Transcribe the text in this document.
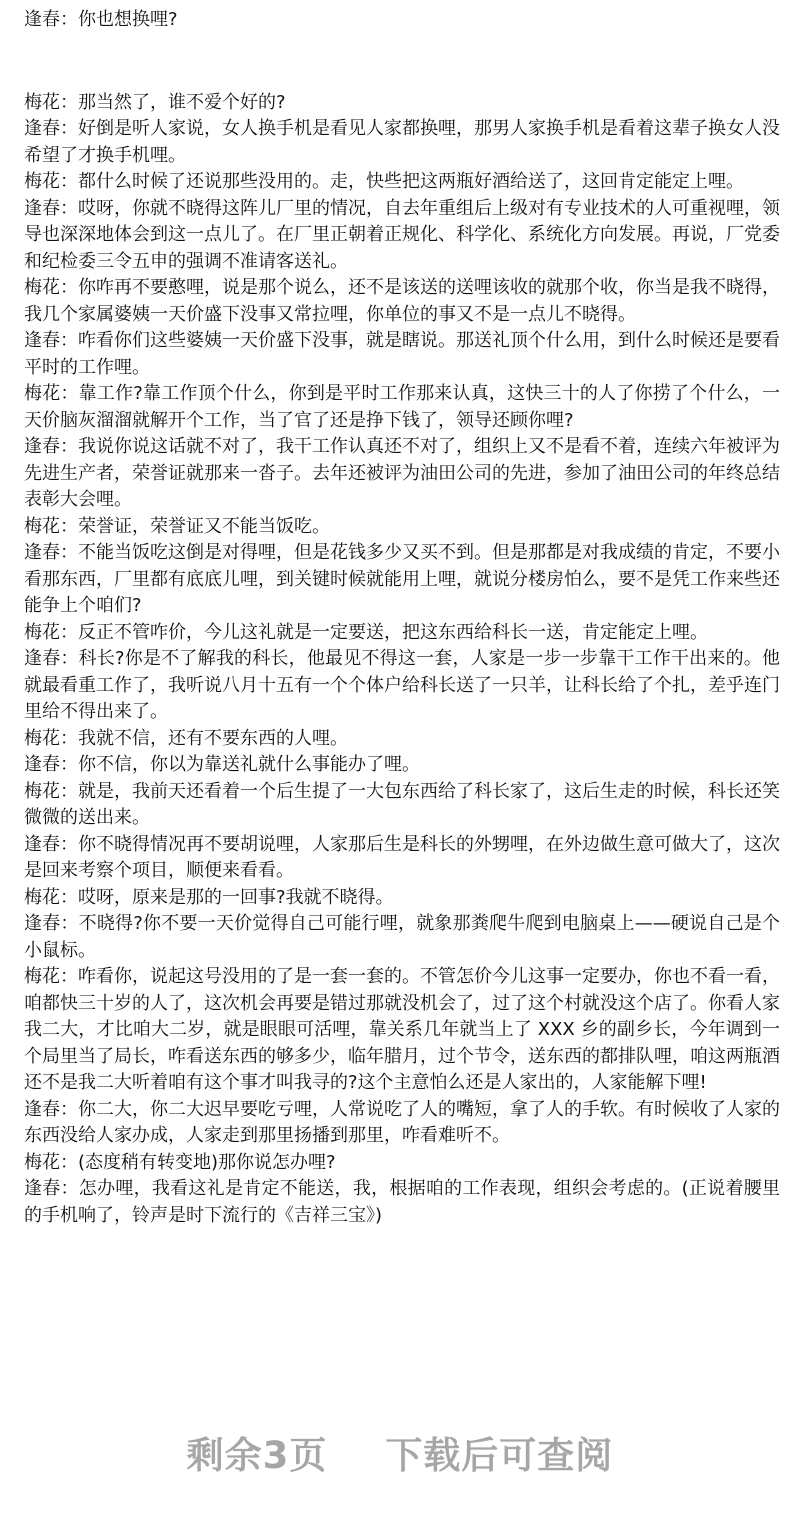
逢春：你也想换哩?

梅花：那当然了，谁不爱个好的?

逢春：好倒是听人家说，女人换手机是看见人家都换哩，那男人家换手机是看着这辈子换女人没希望了才换手机哩。

梅花：都什么时候了还说那些没用的。走，快些把这两瓶好酒给送了，这回肯定能定上哩。

逢春：哎呀，你就不晓得这阵儿厂里的情况，自去年重组后上级对有专业技术的人可重视哩，领导也深深地体会到这一点儿了。在厂里正朝着正规化、科学化、系统化方向发展。再说，厂党委和纪检委三令五申的强调不准请客送礼。

梅花：你咋再不要憨哩，说是那个说么，还不是该送的送哩该收的就那个收，你当是我不晓得，我几个家属婆姨一天价盛下没事又常拉哩，你单位的事又不是一点儿不晓得。

逢春：咋看你们这些婆姨一天价盛下没事，就是瞎说。那送礼顶个什么用，到什么时候还是要看平时的工作哩。

梅花：靠工作?靠工作顶个什么，你到是平时工作那来认真，这快三十的人了你捞了个什么，一天价脑灰溜溜就解开个工作，当了官了还是挣下钱了，领导还顾你哩?

逢春：我说你说这话就不对了，我干工作认真还不对了，组织上又不是看不着，连续六年被评为先进生产者，荣誉证就那来一沓子。去年还被评为油田公司的先进，参加了油田公司的年终总结表彰大会哩。

梅花：荣誉证，荣誉证又不能当饭吃。

逢春：不能当饭吃这倒是对得哩，但是花钱多少又买不到。但是那都是对我成绩的肯定，不要小看那东西，厂里都有底底儿哩，到关键时候就能用上哩，就说分楼房怕么，要不是凭工作来些还能争上个咱们?

梅花：反正不管咋价，今儿这礼就是一定要送，把这东西给科长一送，肯定能定上哩。

逢春：科长?你是不了解我的科长，他最见不得这一套，人家是一步一步靠干工作干出来的。他就最看重工作了，我听说八月十五有一个个体户给科长送了一只羊，让科长给了个扎，差乎连门里给不得出来了。

梅花：我就不信，还有不要东西的人哩。

逢春：你不信，你以为靠送礼就什么事能办了哩。

梅花：就是，我前天还看着一个后生提了一大包东西给了科长家了，这后生走的时候，科长还笑微微的送出来。

逢春：你不晓得情况再不要胡说哩，人家那后生是科长的外甥哩，在外边做生意可做大了，这次是回来考察个项目，顺便来看看。

梅花：哎呀，原来是那的一回事?我就不晓得。

逢春：不晓得?你不要一天价觉得自己可能行哩，就象那粪爬牛爬到电脑桌上——硬说自己是个小鼠标。

梅花：咋看你，说起这号没用的了是一套一套的。不管怎价今儿这事一定要办，你也不看一看，咱都快三十岁的人了，这次机会再要是错过那就没机会了，过了这个村就没这个店了。你看人家我二大，才比咱大二岁，就是眼眼可活哩，靠关系几年就当上了 XXX 乡的副乡长，今年调到一个局里当了局长，咋看送东西的够多少，临年腊月，过个节令，送东西的都排队哩，咱这两瓶酒还不是我二大听着咱有这个事才叫我寻的?这个主意怕么还是人家出的，人家能解下哩!

逢春：你二大，你二大迟早要吃亏哩，人常说吃了人的嘴短，拿了人的手软。有时候收了人家的东西没给人家办成，人家走到那里扬播到那里，咋看难听不。

梅花：(态度稍有转变地)那你说怎办哩?

逢春：怎办哩，我看这礼是肯定不能送，我，根据咱的工作表现，组织会考虑的。(正说着腰里的手机响了，铃声是时下流行的《吉祥三宝》)

剩余3页 下载后可查阅
